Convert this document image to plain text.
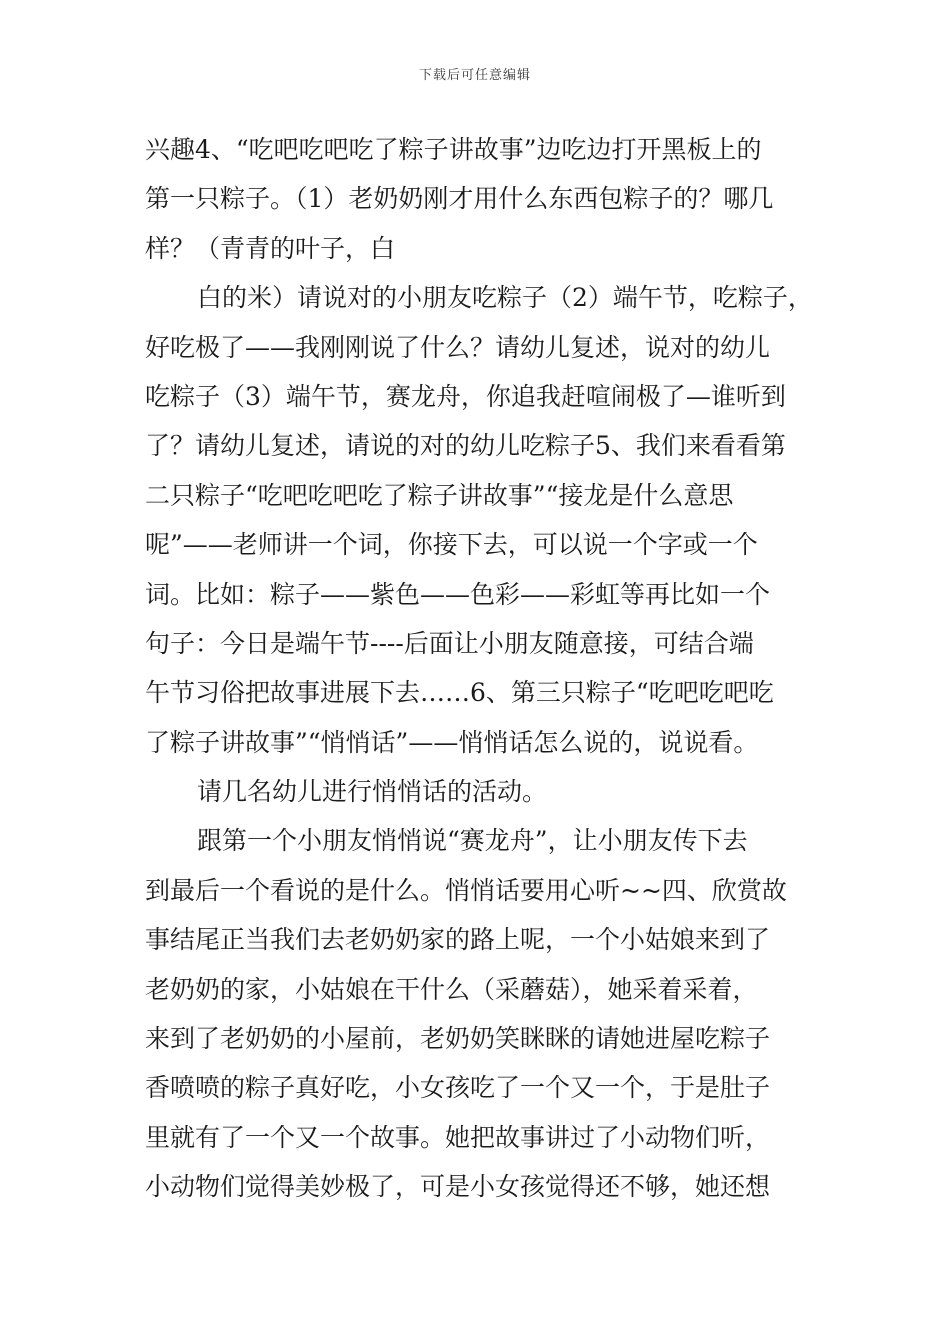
下载后可任意编辑
兴趣4、“吃吧吃吧吃了粽子讲故事”边吃边打开黑板上的
第一只粽子。（1）老奶奶刚才用什么东西包粽子的？哪几
样？（青青的叶子，白
白的米）请说对的小朋友吃粽子（2）端午节，吃粽子，
好吃极了——我刚刚说了什么？请幼儿复述，说对的幼儿
吃粽子（3）端午节，赛龙舟，你追我赶喧闹极了—谁听到
了？请幼儿复述，请说的对的幼儿吃粽子5、我们来看看第
二只粽子“吃吧吃吧吃了粽子讲故事”“接龙是什么意思
呢”——老师讲一个词，你接下去，可以说一个字或一个
词。比如：粽子——紫色——色彩——彩虹等再比如一个
句子：今日是端午节----后面让小朋友随意接，可结合端
午节习俗把故事进展下去……6、第三只粽子“吃吧吃吧吃
了粽子讲故事”“悄悄话”——悄悄话怎么说的，说说看。
请几名幼儿进行悄悄话的活动。
跟第一个小朋友悄悄说“赛龙舟”，让小朋友传下去
到最后一个看说的是什么。悄悄话要用心听~~四、欣赏故
事结尾正当我们去老奶奶家的路上呢，一个小姑娘来到了
老奶奶的家，小姑娘在干什么（采蘑菇），她采着采着，
来到了老奶奶的小屋前，老奶奶笑眯眯的请她进屋吃粽子
香喷喷的粽子真好吃，小女孩吃了一个又一个，于是肚子
里就有了一个又一个故事。她把故事讲过了小动物们听，
小动物们觉得美妙极了，可是小女孩觉得还不够，她还想
